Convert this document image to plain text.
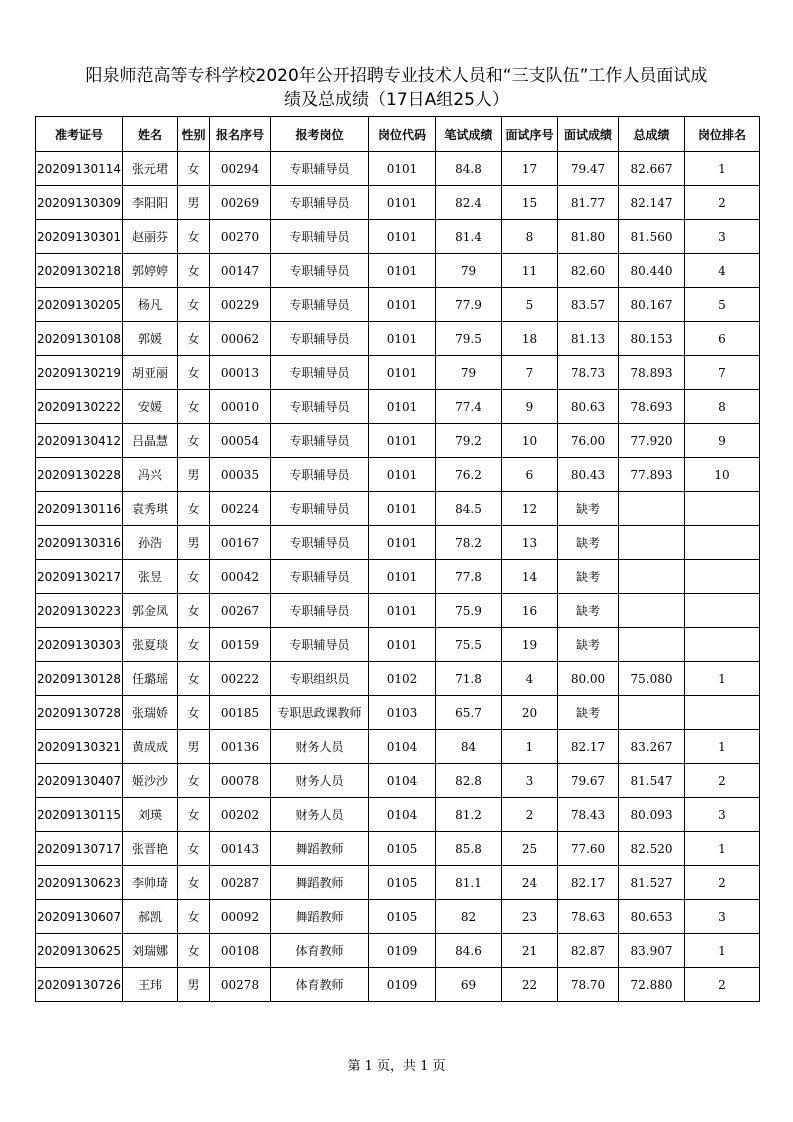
阳泉师范高等专科学校2020年公开招聘专业技术人员和“三支队伍”工作人员面试成
绩及总成绩（17日A组25人）
准考证号	姓名	性别	报名序号	报考岗位	岗位代码	笔试成绩	面试序号	面试成绩	总成绩	岗位排名
20209130114	张元珺	女	00294	专职辅导员	0101	84.8	17	79.47	82.667	1
20209130309	李阳阳	男	00269	专职辅导员	0101	82.4	15	81.77	82.147	2
20209130301	赵丽芬	女	00270	专职辅导员	0101	81.4	8	81.80	81.560	3
20209130218	郭婷婷	女	00147	专职辅导员	0101	79	11	82.60	80.440	4
20209130205	杨凡	女	00229	专职辅导员	0101	77.9	5	83.57	80.167	5
20209130108	郭媛	女	00062	专职辅导员	0101	79.5	18	81.13	80.153	6
20209130219	胡亚丽	女	00013	专职辅导员	0101	79	7	78.73	78.893	7
20209130222	安媛	女	00010	专职辅导员	0101	77.4	9	80.63	78.693	8
20209130412	吕晶慧	女	00054	专职辅导员	0101	79.2	10	76.00	77.920	9
20209130228	冯兴	男	00035	专职辅导员	0101	76.2	6	80.43	77.893	10
20209130116	袁秀琪	女	00224	专职辅导员	0101	84.5	12	缺考		
20209130316	孙浩	男	00167	专职辅导员	0101	78.2	13	缺考		
20209130217	张昱	女	00042	专职辅导员	0101	77.8	14	缺考		
20209130223	郭金凤	女	00267	专职辅导员	0101	75.9	16	缺考		
20209130303	张夏琰	女	00159	专职辅导员	0101	75.5	19	缺考		
20209130128	任璐瑶	女	00222	专职组织员	0102	71.8	4	80.00	75.080	1
20209130728	张瑞娇	女	00185	专职思政课教师	0103	65.7	20	缺考		
20209130321	黄成成	男	00136	财务人员	0104	84	1	82.17	83.267	1
20209130407	姬沙沙	女	00078	财务人员	0104	82.8	3	79.67	81.547	2
20209130115	刘瑛	女	00202	财务人员	0104	81.2	2	78.43	80.093	3
20209130717	张晋艳	女	00143	舞蹈教师	0105	85.8	25	77.60	82.520	1
20209130623	李帅琦	女	00287	舞蹈教师	0105	81.1	24	82.17	81.527	2
20209130607	郝凯	女	00092	舞蹈教师	0105	82	23	78.63	80.653	3
20209130625	刘瑞娜	女	00108	体育教师	0109	84.6	21	82.87	83.907	1
20209130726	王玮	男	00278	体育教师	0109	69	22	78.70	72.880	2
第 1 页，共 1 页
